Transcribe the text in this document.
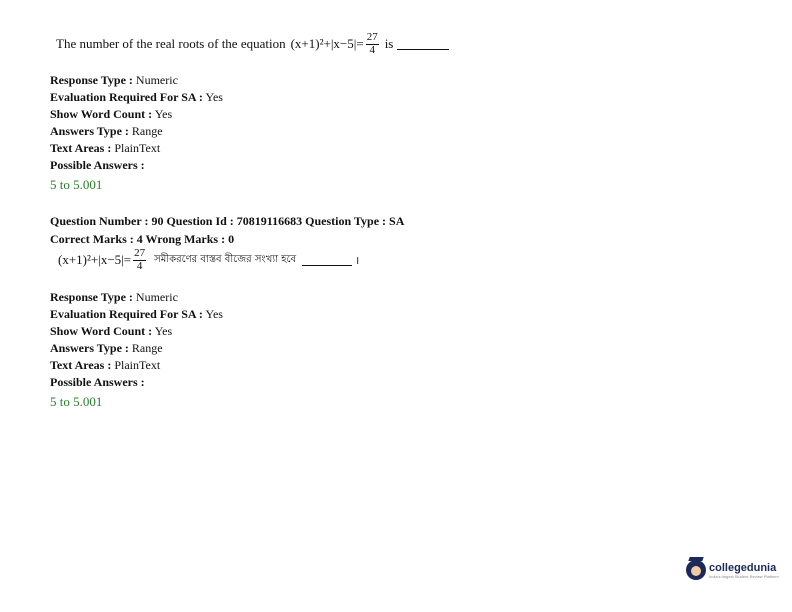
The number of the real roots of the equation $(x+1)^2+|x-5|= \frac{27}{4}$ is
Response Type : Numeric
Evaluation Required For SA : Yes
Show Word Count : Yes
Answers Type : Range
Text Areas : PlainText
Possible Answers :
5 to 5.001
Question Number : 90 Question Id : 70819116683 Question Type : SA
Correct Marks : 4 Wrong Marks : 0
$(x+1)^2+|x-5|= \frac{27}{4}$ সমীকরণের বাস্তব বীজের সংখ্যা হবে	।
Response Type : Numeric
Evaluation Required For SA : Yes
Show Word Count : Yes
Answers Type : Range
Text Areas : PlainText
Possible Answers :
5 to 5.001
collegedunia
India's largest Student Review Platform
